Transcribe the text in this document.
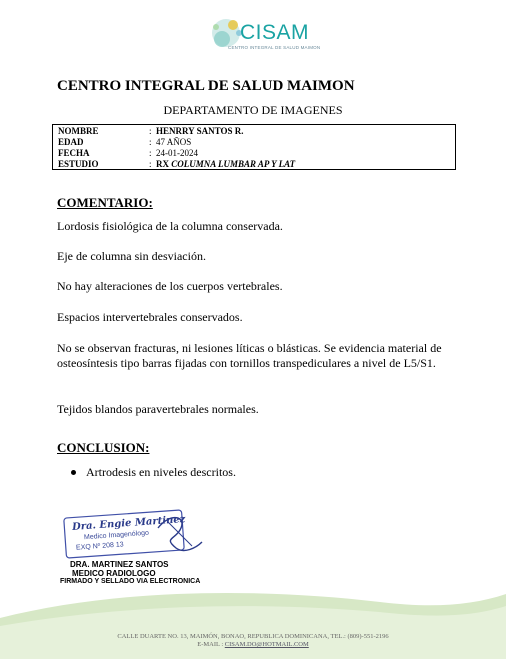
CISAM
CENTRO INTEGRAL DE SALUD MAIMON
CENTRO INTEGRAL DE SALUD MAIMON
DEPARTAMENTO DE IMAGENES
NOMBRE	: HENRRY SANTOS R.
EDAD	: 47 AÑOS
FECHA	: 24-01-2024
ESTUDIO	: RX COLUMNA LUMBAR AP Y LAT
COMENTARIO:
Lordosis fisiológica de la columna conservada.
Eje de columna sin desviación.
No hay alteraciones de los cuerpos vertebrales.
Espacios intervertebrales conservados.
No se observan fracturas, ni lesiones líticas o blásticas. Se evidencia material de osteosíntesis tipo barras fijadas con tornillos transpediculares a nivel de L5/S1.
Tejidos blandos paravertebrales normales.
CONCLUSION:
Artrodesis en niveles descritos.
Dra. Engie Martinez
Medico Imagenólogo
EXQ Nº 208 13
DRA. MARTINEZ SANTOS
MEDICO RADIOLOGO
FIRMADO Y SELLADO VIA ELECTRONICA
CALLE DUARTE NO. 13, MAIMÓN, BONAO, REPUBLICA DOMINICANA, TEL.: (809)-551-2196
E-MAIL : CISAM.DO@HOTMAIL.COM
